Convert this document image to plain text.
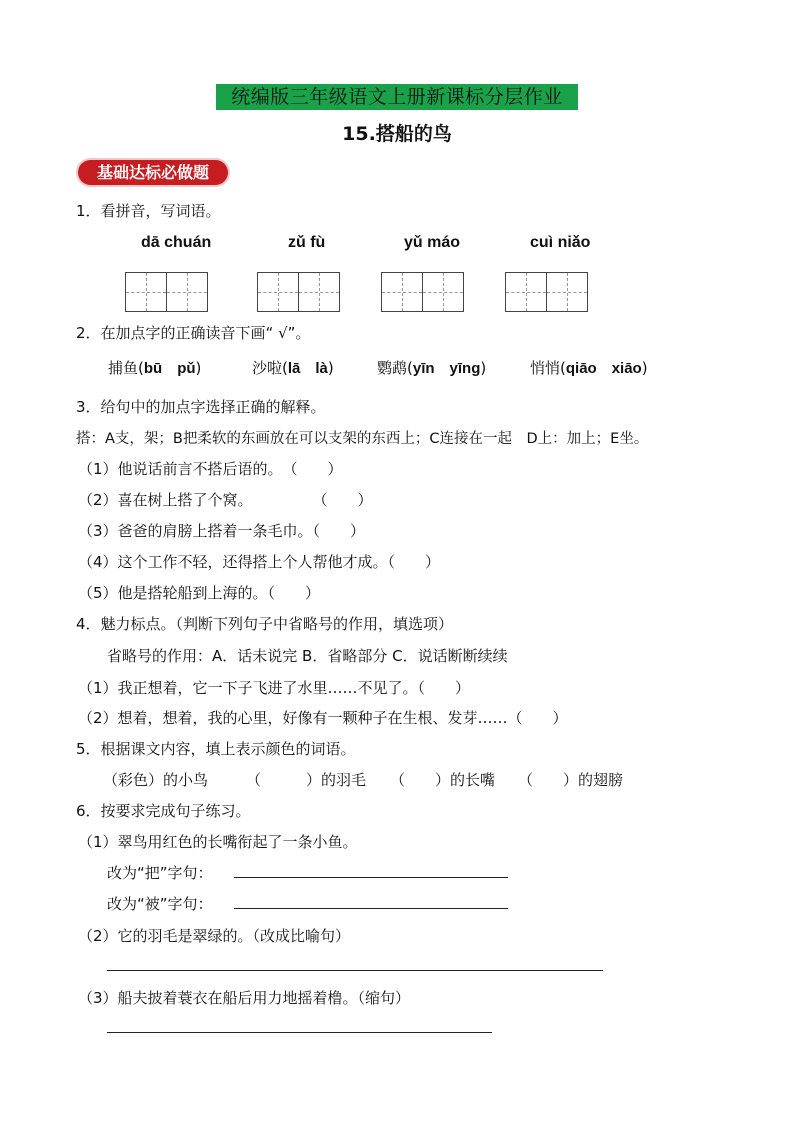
统编版三年级语文上册新课标分层作业
15.搭船的鸟
基础达标必做题
1．看拼音，写词语。
dā chuán	zǔ fù	yǔ máo	cuì niǎo
2．在加点字的正确读音下画“ √”。
捕鱼(bū　pǔ)	沙啦(lā　là)	鹦鹉(yīn　yīnɡ)	悄悄(qiāo　xiāo)
3．给句中的加点字选择正确的解释。
搭：A支，架；B把柔软的东画放在可以支架的东西上；C连接在一起　D上：加上；E坐。
（1）他说话前言不搭后语的。　（　　）
（2）喜在树上搭了个窝。　　　　　（　　）
（3）爸爸的肩膀上搭着一条毛巾。（　　）
（4）这个工作不轻，还得搭上个人帮他才成。（　　）
（5）他是搭轮船到上海的。（　　）
4．魅力标点。（判断下列句子中省略号的作用，填选项）
省略号的作用：A．话未说完 B．省略部分 C．说话断断续续
（1）我正想着，它一下子飞进了水里……不见了。（　　）
（2）想着，想着，我的心里，好像有一颗种子在生根、发芽……（　　）
5．根据课文内容，填上表示颜色的词语。
（彩色）的小鸟	（　　　）的羽毛 （　　）的长嘴 （　　）的翅膀
6．按要求完成句子练习。
（1）翠鸟用红色的长嘴衔起了一条小鱼。
改为“把”字句：
改为“被”字句：
（2）它的羽毛是翠绿的。（改成比喻句）
（3）船夫披着蓑衣在船后用力地摇着橹。（缩句）
